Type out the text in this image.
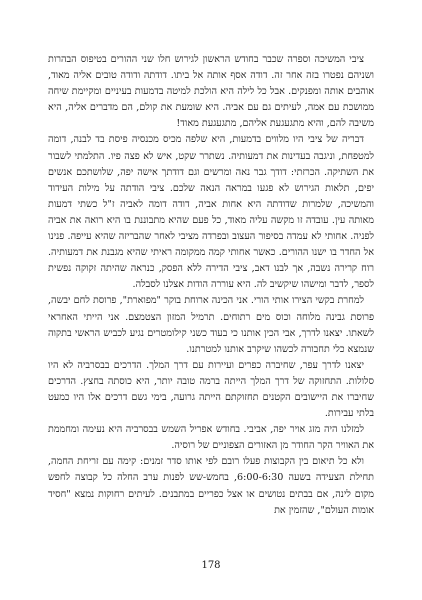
ציבי המשיכה וספרה שכבר בחודש הראשון לגירוש חלו שני ההורים בטיפוס הבהרות ושניהם נפטרו בזה אחר זה. דודה אסף אותה אל ביתו. דודתה ודודה טובים אליה מאוד, אוהבים אותה ומפנקים. אבל כל לילה היא הולכת למיטה בדמעות בעיניים ומקיימת שיחה ממושכת עם אמה, לעיתים גם עם אביה. היא שומעת את קולם, הם מדברים אליה, היא משיבה להם, והיא מתגעגעת אליהם, מתגעגעת מאוד!

דבריה של ציבי היו מלווים בדמעות, היא שלפה מכיס מכנסיה פיסת בד לבנה, דומה למטפחת, וניגבה בעדינות את דמעותיה. נשתרר שקט, איש לא פצה פיו. התלמתי לשבור את השתיקה. הכרזתי: דודך גבר נאה ומרשים וגם דודתך אישה יפה, שלושתכם אנשים יפים, תלאות הגירוש לא פגעו במראה הנאה שלכם. ציבי הודתה על מילות העידוד והמשיכה, שלמרות שדודתה היא אחות אביה, דודה דומה לאביה ז"ל כשתי דמעות מאותה עין. עובדה זו מקשה עליה מאוד, כל פעם שהיא מתבוננת בו היא רואה את אביה לפניה. אחותי לא עמדה בסיפור העצוב ובפרדה מציבי לאחר שהבריזה שהיא עייפה. פנינו אל החדר בו ישנו ההורים. כאשר אחותי קמה ממקומה ראיתי שהיא מגבנת את דמעותיה. רוח קרירה נשבה, אך לבנו דאב, ציבי הדירה ללא הפסק, כנראה שהיתה זקוקה נפשית לספר, לדבר ומישהו שיקשיב לה. היא עוררה הודות אצלנו לסבלה.

למחרת בקשי הצירו אותי הורי. אני הכינה ארוחת בוקר "מפוארת", פרוסת לחם יבשה, פרוסת גבינה מלוחה וכוס מים רתוחים. תרמיל המזון הצטמצם. אני הייתי האחראי לשאתו. יצאנו לדרך, אבי הכין אותנו כי בעוד כשני קילומטרים נגיע לכביש הראשי בתקוה שנמצא כלי תחבורה לכשהו שיקרב אותנו למטרתנו.

יצאנו לדרך עפר, שחיברה כפרים ועיירות עם דרך המלך. הדרכים בבסרביה לא היו סלולות. התחזוקה של דרך המלך הייתה ברמה טובה יותר, היא כוסתה בחצץ. הדרכים שחיברו את היישובים הקטנים תחזוקתם הייתה גרועה, בימי גשם דרכים אלו היו כמעט בלתי עבירות.

למזלנו היה מזג אויר יפה, אביבי. בחודש אפריל השמש בבסרביה היא נעימה ומחממת את האוויר הקר החודר מן האזורים הצפוניים של רוסיה.

ולא כל תיאום בין הקבוצות פעלו רובם לפי אותו סדר זמנים: קימה עם זריחת החמה, תחילת הצעידה בשעה 6:00-6:30, בחמש-שש לפנות ערב החלה כל קבוצה לחפש מקום לינה, אם בבתים נטושים או אצל כפריים במתבנים. לעיתים רחוקות נמצא "חסיד אומות העולם", שהזמין את

178
